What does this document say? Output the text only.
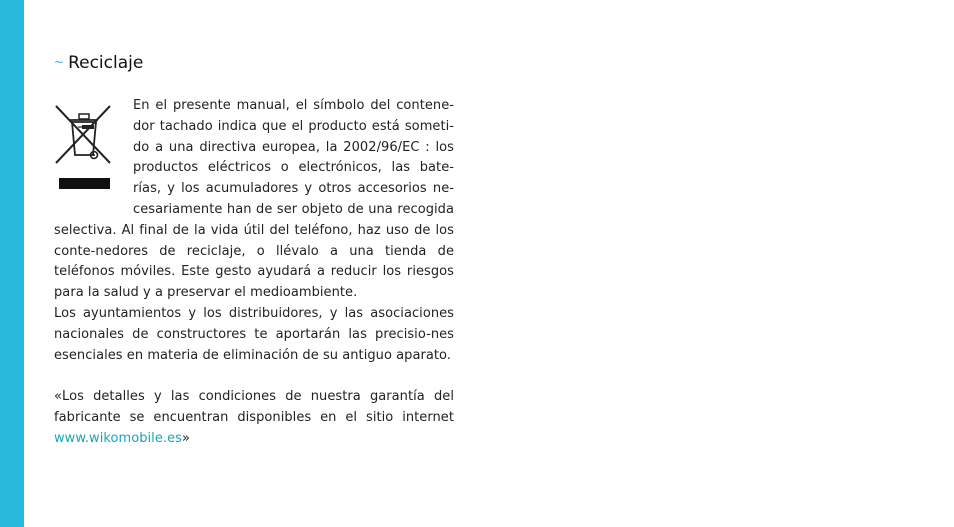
~ Reciclaje

En el presente manual, el símbolo del contene-dor tachado indica que el producto está someti-do a una directiva europea, la 2002/96/EC : los productos eléctricos o electrónicos, las bate-rías, y los acumuladores y otros accesorios ne-cesariamente han de ser objeto de una recogida selectiva. Al final de la vida útil del teléfono, haz uso de los conte-nedores de reciclaje, o llévalo a una tienda de teléfonos móviles. Este gesto ayudará a reducir los riesgos para la salud y a preservar el medioambiente.

Los ayuntamientos y los distribuidores, y las asociaciones nacionales de constructores te aportarán las precisio-nes esenciales en materia de eliminación de su antiguo aparato.

«Los detalles y las condiciones de nuestra garantía del fabricante se encuentran disponibles en el sitio internet www.wikomobile.es»
